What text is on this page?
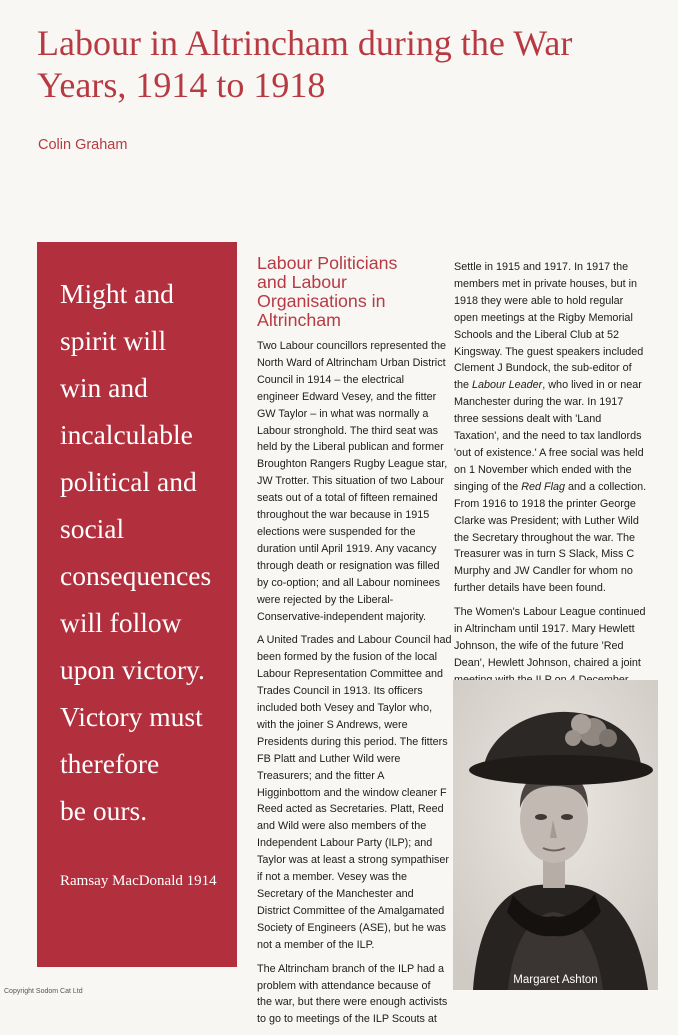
Labour in Altrincham during the War Years, 1914 to 1918
Colin Graham
Might and
spirit will
win and
incalculable
political and
social
consequences
will follow
upon victory.
Victory must
therefore
be ours.
Ramsay MacDonald 1914
Labour Politicians
and Labour
Organisations in
Altrincham

Two Labour councillors represented the
North Ward of Altrincham Urban District
Council in 1914 – the electrical
engineer Edward Vesey, and the fitter
GW Taylor – in what was normally a
Labour stronghold. The third seat was
held by the Liberal publican and former
Broughton Rangers Rugby League star,
JW Trotter. This situation of two Labour
seats out of a total of fifteen remained
throughout the war because in 1915
elections were suspended for the
duration until April 1919. Any vacancy
through death or resignation was filled
by co-option; and all Labour nominees
were rejected by the Liberal-
Conservative-independent majority.

A United Trades and Labour Council had
been formed by the fusion of the local
Labour Representation Committee and
Trades Council in 1913. Its officers
included both Vesey and Taylor who,
with the joiner S Andrews, were
Presidents during this period. The fitters
FB Platt and Luther Wild were
Treasurers; and the fitter A
Higginbottom and the window cleaner F
Reed acted as Secretaries. Platt, Reed
and Wild were also members of the
Independent Labour Party (ILP); and
Taylor was at least a strong sympathiser
if not a member. Vesey was the
Secretary of the Manchester and
District Committee of the Amalgamated
Society of Engineers (ASE), but he was
not a member of the ILP.

The Altrincham branch of the ILP had a
problem with attendance because of
the war, but there were enough activists
to go to meetings of the ILP Scouts at

Settle in 1915 and 1917. In 1917 the
members met in private houses, but in
1918 they were able to hold regular
open meetings at the Rigby Memorial
Schools and the Liberal Club at 52
Kingsway. The guest speakers included
Clement J Bundock, the sub-editor of
the Labour Leader, who lived in or near
Manchester during the war. In 1917
three sessions dealt with 'Land
Taxation', and the need to tax landlords
'out of existence.' A free social was held
on 1 November which ended with the
singing of the Red Flag and a collection.
From 1916 to 1918 the printer George
Clarke was President; with Luther Wild
the Secretary throughout the war. The
Treasurer was in turn S Slack, Miss C
Murphy and JW Candler for whom no
further details have been found.

The Women's Labour League continued
in Altrincham until 1917. Mary Hewlett
Johnson, the wife of the future 'Red
Dean', Hewlett Johnson, chaired a joint

Margaret Ashton
Copyright Sodom Cat Ltd
